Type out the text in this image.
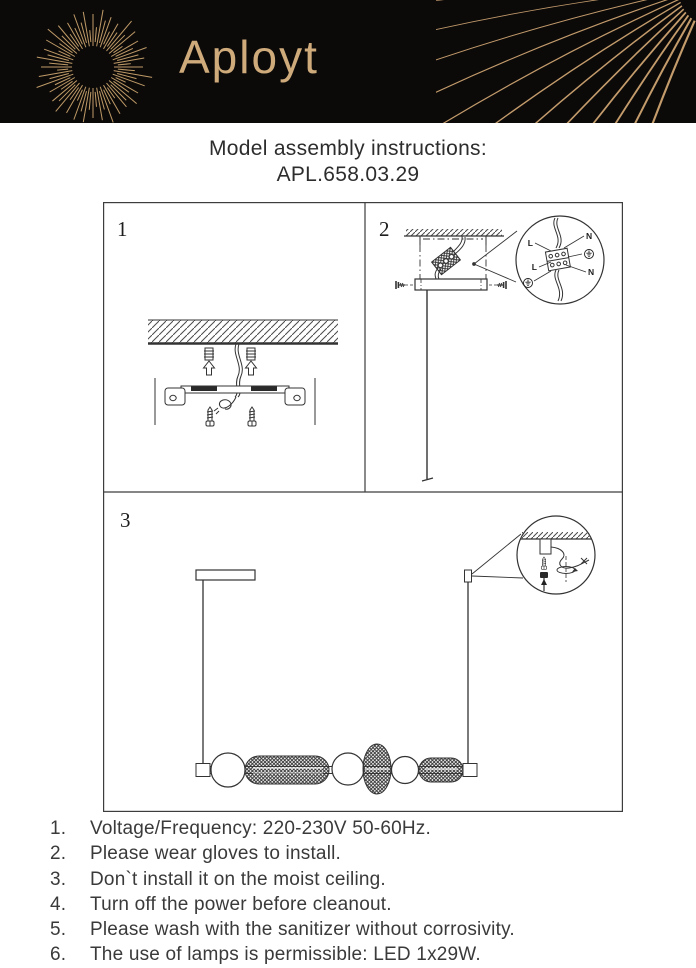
Aployt
Model assembly instructions:
APL.658.03.29
1	2
L
N
L	N
3
1. Voltage/Frequency: 220-230V 50-60Hz.
2. Please wear gloves to install.
3. Don`t install it on the moist ceiling.
4. Turn off the power before cleanout.
5. Please wash with the sanitizer without corrosivity.
6. The use of lamps is permissible: LED 1x29W.
